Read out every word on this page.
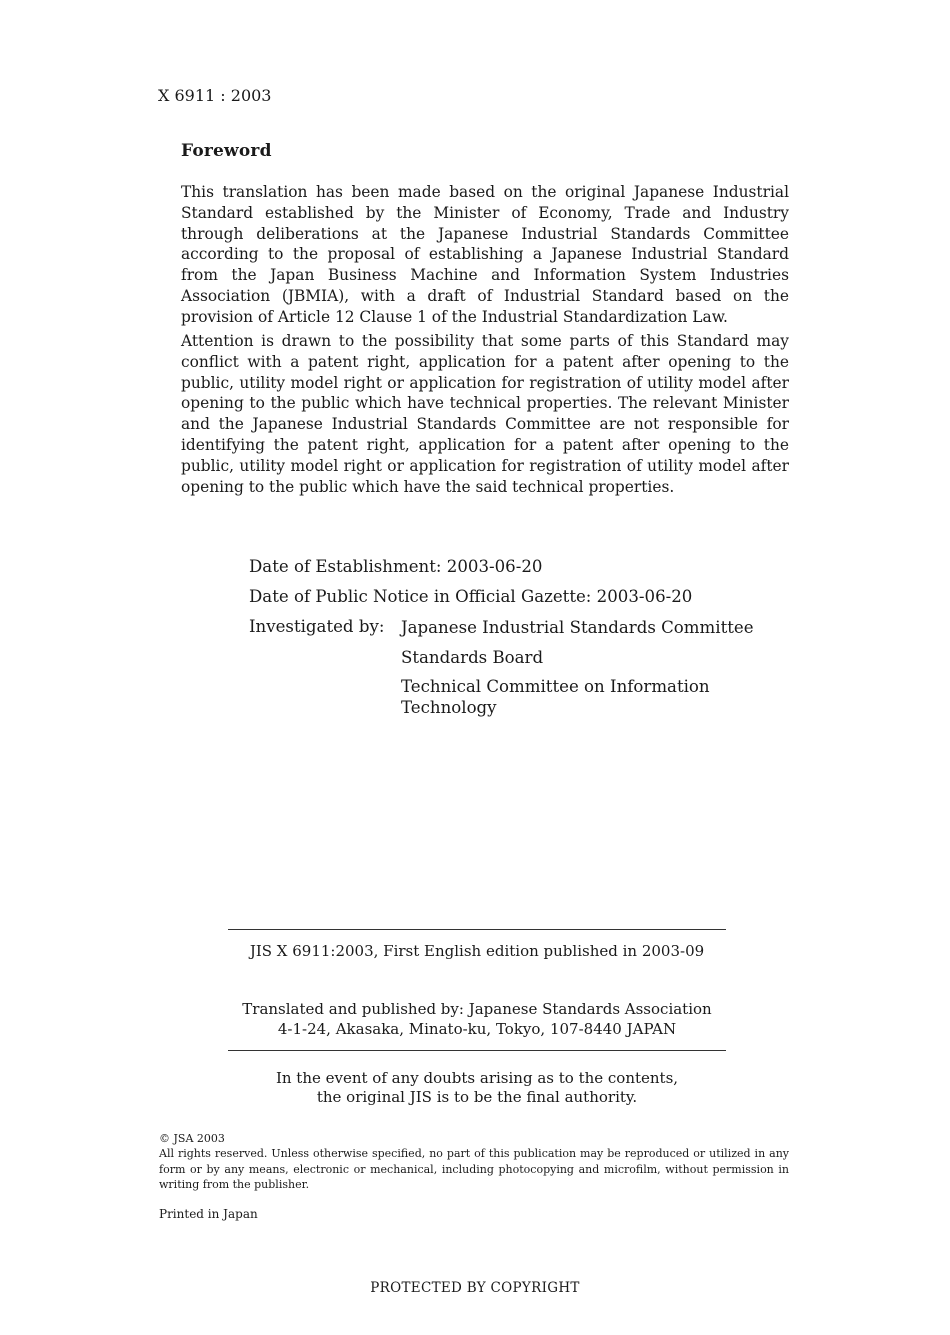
X 6911 : 2003
Foreword
This translation has been made based on the original Japanese Industrial Standard established by the Minister of Economy, Trade and Industry through deliberations at the Japanese Industrial Standards Committee according to the proposal of establishing a Japanese Industrial Standard from the Japan Business Machine and Information System Industries Association (JBMIA), with a draft of Industrial Standard based on the provision of Article 12 Clause 1 of the Industrial Standardization Law.
Attention is drawn to the possibility that some parts of this Standard may conflict with a patent right, application for a patent after opening to the public, utility model right or application for registration of utility model after opening to the public which have technical properties. The relevant Minister and the Japanese Industrial Standards Committee are not responsible for identifying the patent right, application for a patent after opening to the public, utility model right or application for registration of utility model after opening to the public which have the said technical properties.
Date of Establishment: 2003-06-20
Date of Public Notice in Official Gazette: 2003-06-20
Investigated by: Japanese Industrial Standards Committee
Standards Board
Technical Committee on Information
Technology
JIS X 6911:2003, First English edition published in 2003-09
Translated and published by: Japanese Standards Association
4-1-24, Akasaka, Minato-ku, Tokyo, 107-8440 JAPAN
In the event of any doubts arising as to the contents,
the original JIS is to be the final authority.
© JSA 2003
All rights reserved. Unless otherwise specified, no part of this publication may be reproduced or utilized in any form or by any means, electronic or mechanical, including photocopying and microfilm, without permission in writing from the publisher.
Printed in Japan
PROTECTED BY COPYRIGHT
